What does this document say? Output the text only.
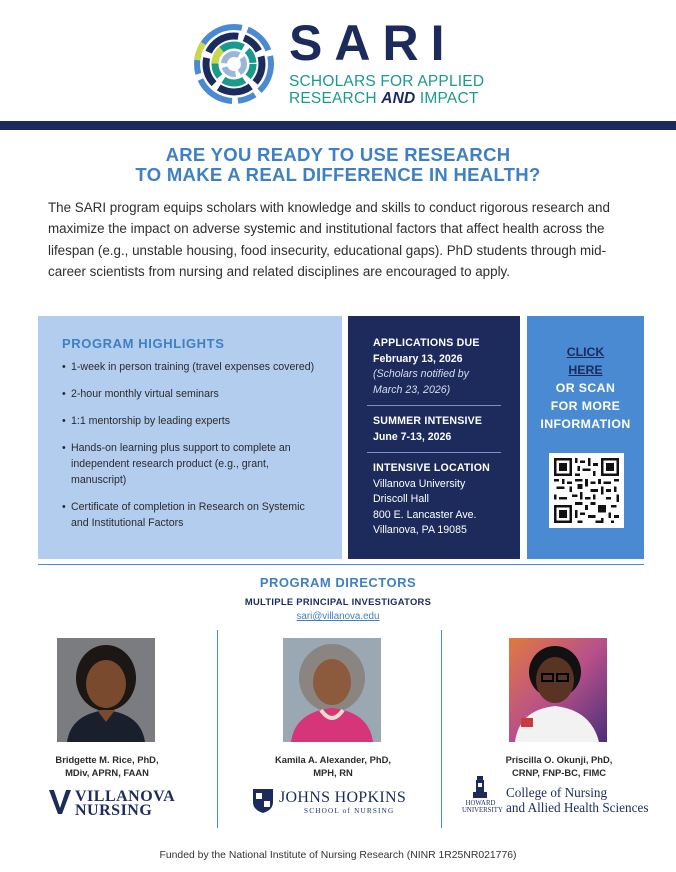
SARI
SCHOLARS FOR APPLIED
RESEARCH AND IMPACT
ARE YOU READY TO USE RESEARCH
TO MAKE A REAL DIFFERENCE IN HEALTH?

The SARI program equips scholars with knowledge and skills to conduct rigorous research and maximize the impact on adverse systemic and institutional factors that affect health across the lifespan (e.g., unstable housing, food insecurity, educational gaps). PhD students through mid-career scientists from nursing and related disciplines are encouraged to apply.

PROGRAM HIGHLIGHTS
• 1-week in person training (travel expenses covered)
• 2-hour monthly virtual seminars
• 1:1 mentorship by leading experts
• Hands-on learning plus support to complete an independent research product (e.g., grant, manuscript)
• Certificate of completion in Research on Systemic and Institutional Factors
APPLICATIONS DUE
February 13, 2026
(Scholars notified by March 23, 2026)
SUMMER INTENSIVE
June 7-13, 2026
INTENSIVE LOCATION
Villanova University
Driscoll Hall
800 E. Lancaster Ave.
Villanova, PA 19085
CLICK
HERE
OR SCAN
FOR MORE
INFORMATION
PROGRAM DIRECTORS
MULTIPLE PRINCIPAL INVESTIGATORS
sari@villanova.edu
Bridgette M. Rice, PhD,
MDiv, APRN, FAAN
VILLANOVA
NURSING
Kamila A. Alexander, PhD,
MPH, RN
JOHNS HOPKINS
SCHOOL of NURSING
Priscilla O. Okunji, PhD,
CRNP, FNP-BC, FIMC
HOWARD
UNIVERSITY
College of Nursing
and Allied Health Sciences
Funded by the National Institute of Nursing Research (NINR 1R25NR021776)
